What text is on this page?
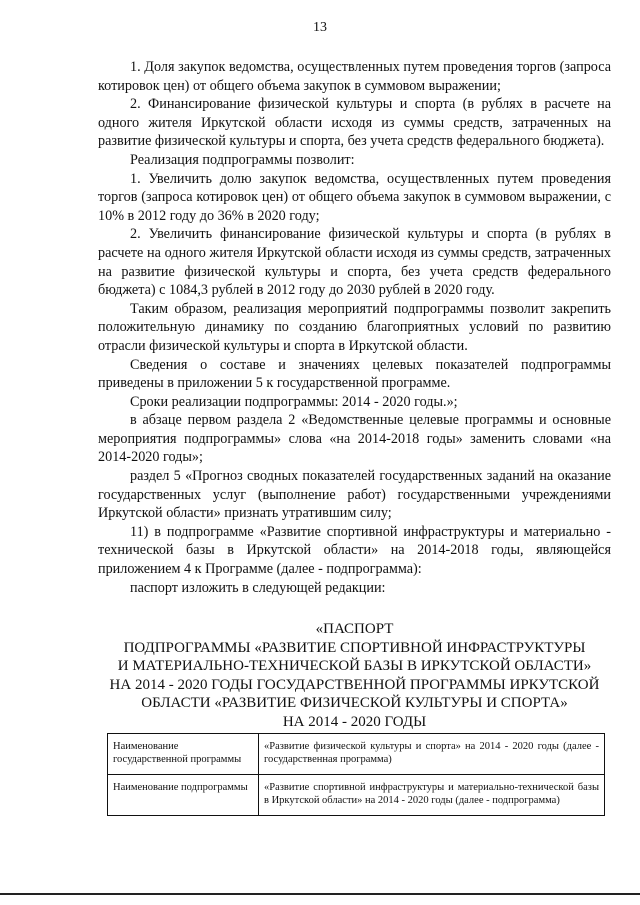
13

1. Доля закупок ведомства, осуществленных путем проведения торгов (запроса котировок цен) от общего объема закупок в суммовом выражении;

2. Финансирование физической культуры и спорта (в рублях в расчете на одного жителя Иркутской области исходя из суммы средств, затраченных на развитие физической культуры и спорта, без учета средств федерального бюджета).

Реализация подпрограммы позволит:

1. Увеличить долю закупок ведомства, осуществленных путем проведения торгов (запроса котировок цен) от общего объема закупок в суммовом выражении, с 10% в 2012 году до 36% в 2020 году;

2. Увеличить финансирование физической культуры и спорта (в рублях в расчете на одного жителя Иркутской области исходя из суммы средств, затраченных на развитие физической культуры и спорта, без учета средств федерального бюджета) с 1084,3 рублей в 2012 году до 2030 рублей в 2020 году.

Таким образом, реализация мероприятий подпрограммы позволит закрепить положительную динамику по созданию благоприятных условий по развитию отрасли физической культуры и спорта в Иркутской области.

Сведения о составе и значениях целевых показателей подпрограммы приведены в приложении 5 к государственной программе.

Сроки реализации подпрограммы: 2014 - 2020 годы.»;

в абзаце первом раздела 2 «Ведомственные целевые программы и основные мероприятия подпрограммы» слова «на 2014-2018 годы» заменить словами «на 2014-2020 годы»;

раздел 5 «Прогноз сводных показателей государственных заданий на оказание государственных услуг (выполнение работ) государственными учреждениями Иркутской области» признать утратившим силу;

11) в подпрограмме «Развитие спортивной инфраструктуры и материально - технической базы в Иркутской области» на 2014-2018 годы, являющейся приложением 4 к Программе (далее - подпрограмма):

паспорт изложить в следующей редакции:

«ПАСПОРТ
ПОДПРОГРАММЫ «РАЗВИТИЕ СПОРТИВНОЙ ИНФРАСТРУКТУРЫ
И МАТЕРИАЛЬНО-ТЕХНИЧЕСКОЙ БАЗЫ В ИРКУТСКОЙ ОБЛАСТИ»
НА 2014 - 2020 ГОДЫ ГОСУДАРСТВЕННОЙ ПРОГРАММЫ ИРКУТСКОЙ
ОБЛАСТИ «РАЗВИТИЕ ФИЗИЧЕСКОЙ КУЛЬТУРЫ И СПОРТА»
НА 2014 - 2020 ГОДЫ
Наименование государственной программы	«Развитие физической культуры и спорта» на 2014 - 2020 годы (далее - государственная программа)
Наименование подпрограммы	«Развитие спортивной инфраструктуры и материально-технической базы в Иркутской области» на 2014 - 2020 годы (далее - подпрограмма)
